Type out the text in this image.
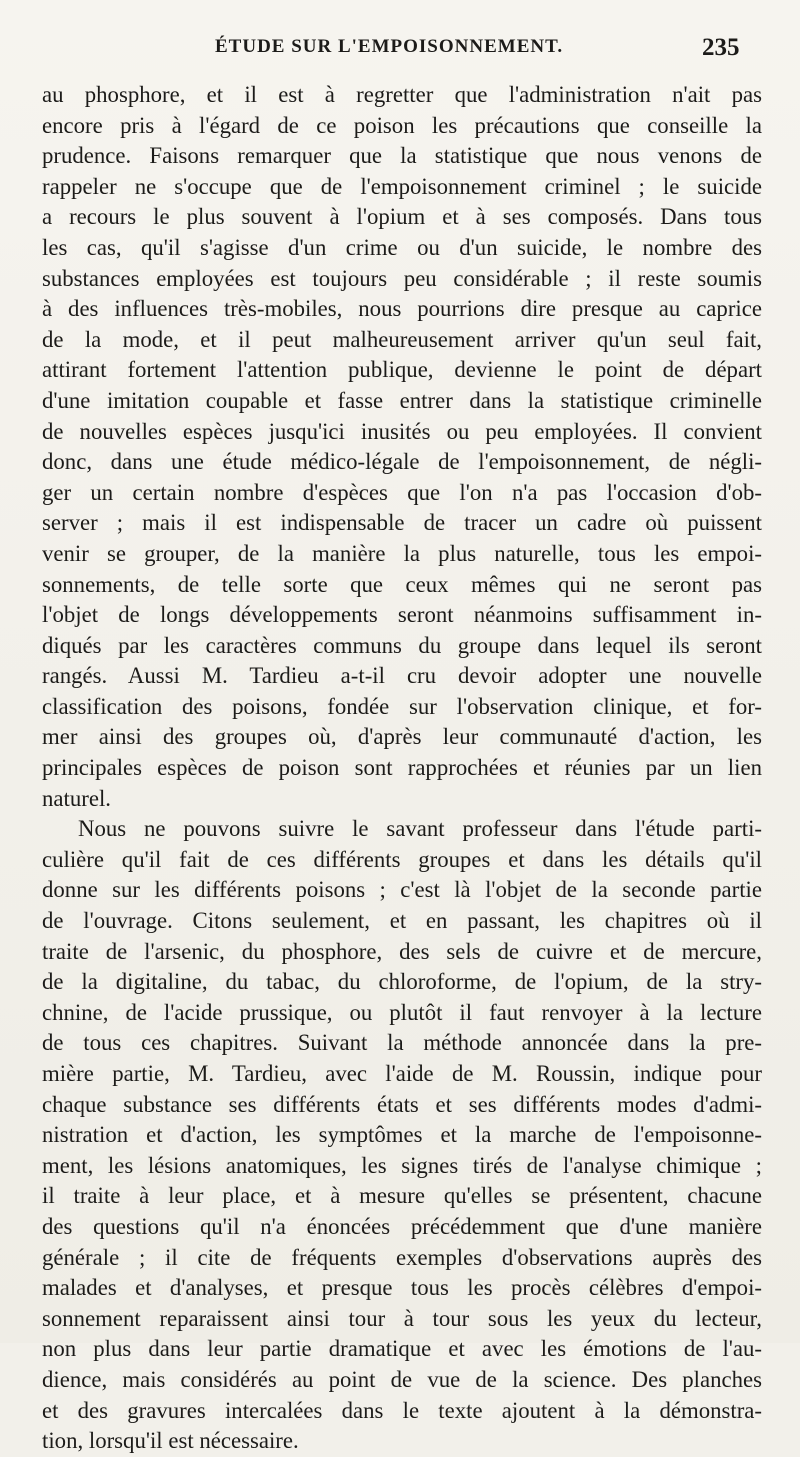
ÉTUDE SUR L'EMPOISONNEMENT.	235
au phosphore, et il est à regretter que l'administration n'ait pas
encore pris à l'égard de ce poison les précautions que conseille la
prudence. Faisons remarquer que la statistique que nous venons de
rappeler ne s'occupe que de l'empoisonnement criminel ; le suicide
a recours le plus souvent à l'opium et à ses composés. Dans tous
les cas, qu'il s'agisse d'un crime ou d'un suicide, le nombre des
substances employées est toujours peu considérable ; il reste soumis
à des influences très-mobiles, nous pourrions dire presque au caprice
de la mode, et il peut malheureusement arriver qu'un seul fait,
attirant fortement l'attention publique, devienne le point de départ
d'une imitation coupable et fasse entrer dans la statistique criminelle
de nouvelles espèces jusqu'ici inusités ou peu employées. Il convient
donc, dans une étude médico-légale de l'empoisonnement, de négli-
ger un certain nombre d'espèces que l'on n'a pas l'occasion d'ob-
server ; mais il est indispensable de tracer un cadre où puissent
venir se grouper, de la manière la plus naturelle, tous les empoi-
sonnements, de telle sorte que ceux mêmes qui ne seront pas
l'objet de longs développements seront néanmoins suffisamment in-
diqués par les caractères communs du groupe dans lequel ils seront
rangés. Aussi M. Tardieu a-t-il cru devoir adopter une nouvelle
classification des poisons, fondée sur l'observation clinique, et for-
mer ainsi des groupes où, d'après leur communauté d'action, les
principales espèces de poison sont rapprochées et réunies par un lien
naturel.
Nous ne pouvons suivre le savant professeur dans l'étude parti-
culière qu'il fait de ces différents groupes et dans les détails qu'il
donne sur les différents poisons ; c'est là l'objet de la seconde partie
de l'ouvrage. Citons seulement, et en passant, les chapitres où il
traite de l'arsenic, du phosphore, des sels de cuivre et de mercure,
de la digitaline, du tabac, du chloroforme, de l'opium, de la stry-
chnine, de l'acide prussique, ou plutôt il faut renvoyer à la lecture
de tous ces chapitres. Suivant la méthode annoncée dans la pre-
mière partie, M. Tardieu, avec l'aide de M. Roussin, indique pour
chaque substance ses différents états et ses différents modes d'admi-
nistration et d'action, les symptômes et la marche de l'empoisonne-
ment, les lésions anatomiques, les signes tirés de l'analyse chimique ;
il traite à leur place, et à mesure qu'elles se présentent, chacune
des questions qu'il n'a énoncées précédemment que d'une manière
générale ; il cite de fréquents exemples d'observations auprès des
malades et d'analyses, et presque tous les procès célèbres d'empoi-
sonnement reparaissent ainsi tour à tour sous les yeux du lecteur,
non plus dans leur partie dramatique et avec les émotions de l'au-
dience, mais considérés au point de vue de la science. Des planches
et des gravures intercalées dans le texte ajoutent à la démonstra-
tion, lorsqu'il est nécessaire.
